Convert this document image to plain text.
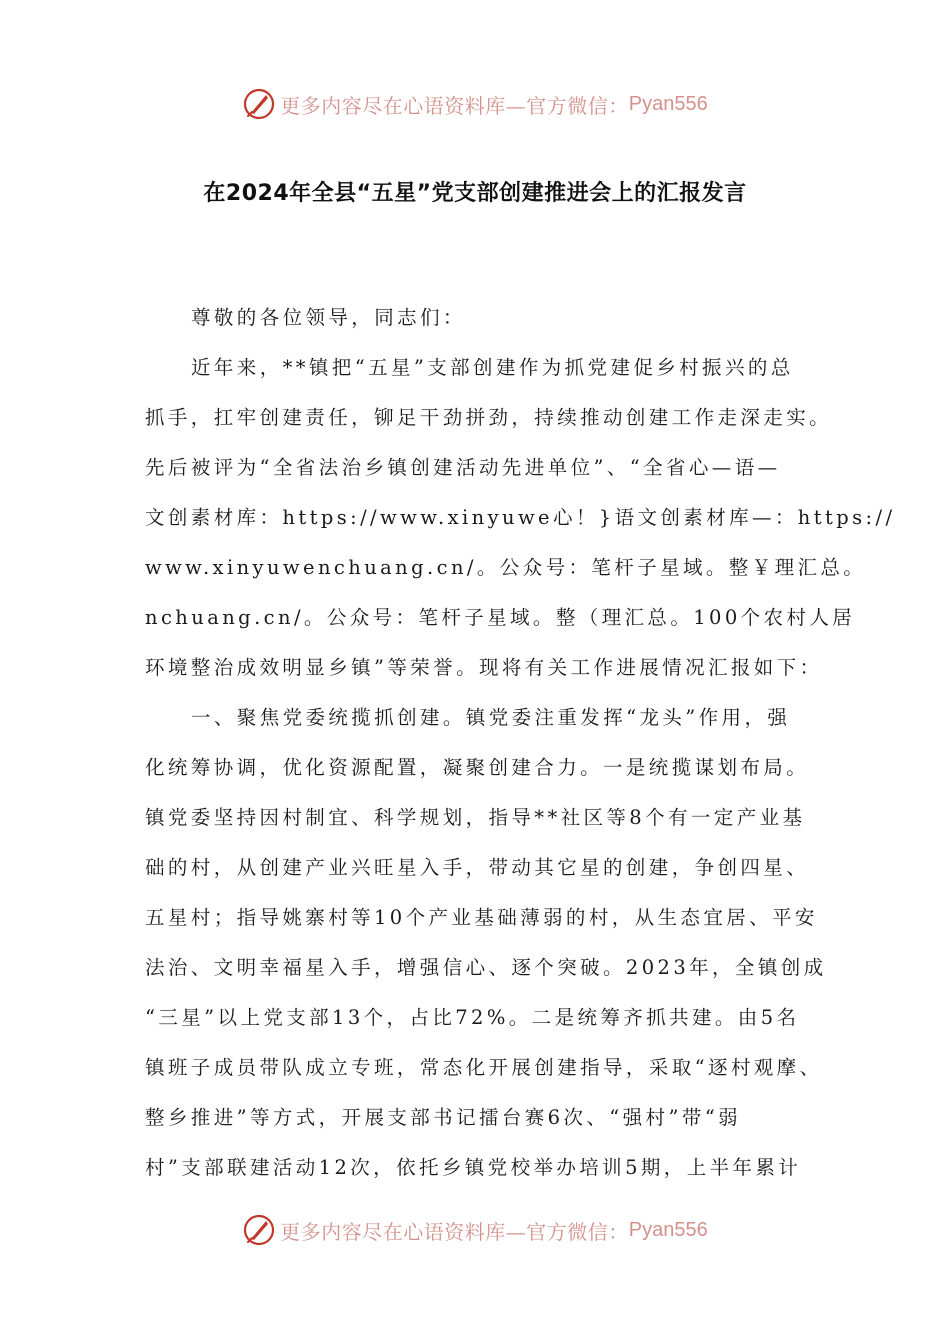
更多内容尽在心语资料库—官方微信： Pyan556
在2024年全县“五星”党支部创建推进会上的汇报发言
尊敬的各位领导，同志们：
近年来，**镇把“五星”支部创建作为抓党建促乡村振兴的总
抓手，扛牢创建责任，铆足干劲拼劲，持续推动创建工作走深走实。
先后被评为“全省法治乡镇创建活动先进单位”、“全省心—语—
文创素材库：https://www.xinyuwe心！}语文创素材库—：https://
www.xinyuwenchuang.cn/。公众号：笔杆子星域。整￥理汇总。
nchuang.cn/。公众号：笔杆子星域。整（理汇总。100个农村人居
环境整治成效明显乡镇”等荣誉。现将有关工作进展情况汇报如下：
一、聚焦党委统揽抓创建。镇党委注重发挥“龙头”作用，强
化统筹协调，优化资源配置，凝聚创建合力。一是统揽谋划布局。
镇党委坚持因村制宜、科学规划，指导**社区等8个有一定产业基
础的村，从创建产业兴旺星入手，带动其它星的创建，争创四星、
五星村；指导姚寨村等10个产业基础薄弱的村，从生态宜居、平安
法治、文明幸福星入手，增强信心、逐个突破。2023年，全镇创成
“三星”以上党支部13个，占比72%。二是统筹齐抓共建。由5名
镇班子成员带队成立专班，常态化开展创建指导，采取“逐村观摩、
整乡推进”等方式，开展支部书记擂台赛6次、“强村”带“弱
村”支部联建活动12次，依托乡镇党校举办培训5期，上半年累计
更多内容尽在心语资料库—官方微信： Pyan556
